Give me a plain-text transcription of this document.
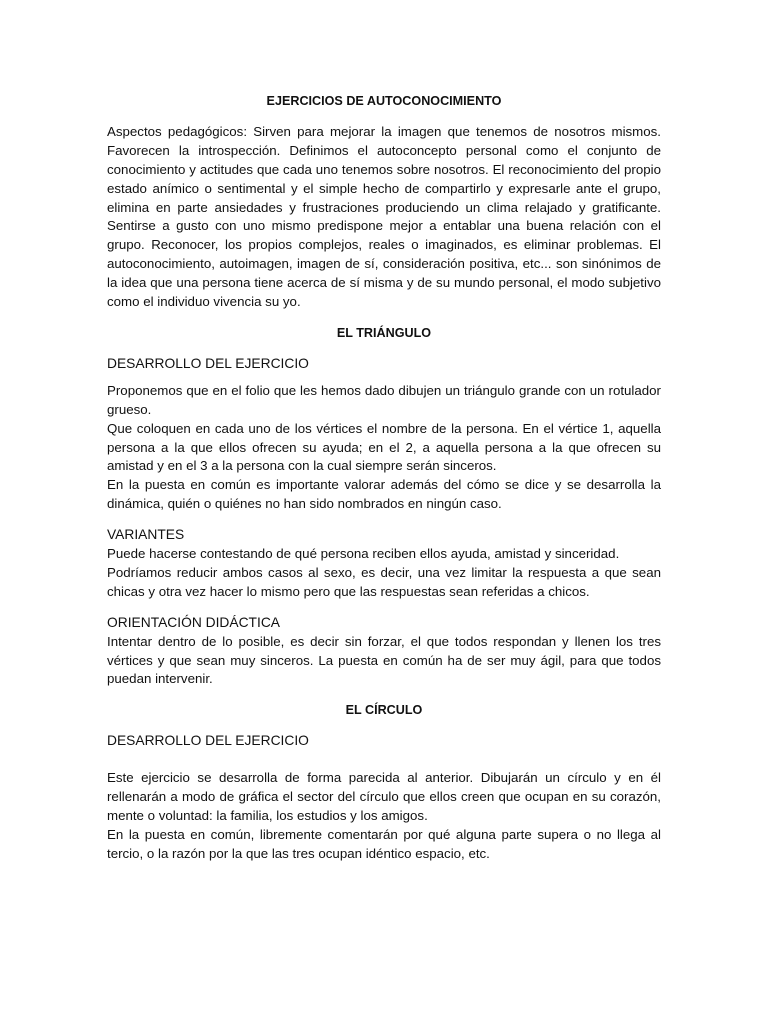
EJERCICIOS DE AUTOCONOCIMIENTO

Aspectos pedagógicos: Sirven para mejorar la imagen que tenemos de nosotros mismos. Favorecen la introspección. Definimos el autoconcepto personal como el conjunto de conocimiento y actitudes que cada uno tenemos sobre nosotros. El reconocimiento del propio estado anímico o sentimental y el simple hecho de compartirlo y expresarle ante el grupo, elimina en parte ansiedades y frustraciones produciendo un clima relajado y gratificante. Sentirse a gusto con uno mismo predispone mejor a entablar una buena relación con el grupo. Reconocer, los propios complejos, reales o imaginados, es eliminar problemas. El autoconocimiento, autoimagen, imagen de sí, consideración positiva, etc... son sinónimos de la idea que una persona tiene acerca de sí misma y de su mundo personal, el modo subjetivo como el individuo vivencia su yo.

EL TRIÁNGULO

DESARROLLO DEL EJERCICIO

Proponemos que en el folio que les hemos dado dibujen un triángulo grande con un rotulador grueso.

Que coloquen en cada uno de los vértices el nombre de la persona. En el vértice 1, aquella persona a la que ellos ofrecen su ayuda; en el 2, a aquella persona a la que ofrecen su amistad y en el 3 a la persona con la cual siempre serán sinceros.

En la puesta en común es importante valorar además del cómo se dice y se desarrolla la dinámica, quién o quiénes no han sido nombrados en ningún caso.

VARIANTES

Puede hacerse contestando de qué persona reciben ellos ayuda, amistad y sinceridad.

Podríamos reducir ambos casos al sexo, es decir, una vez limitar la respuesta a que sean chicas y otra vez hacer lo mismo pero que las respuestas sean referidas a chicos.

ORIENTACIÓN DIDÁCTICA

Intentar dentro de lo posible, es decir sin forzar, el que todos respondan y llenen los tres vértices y que sean muy sinceros. La puesta en común ha de ser muy ágil, para que todos puedan intervenir.

EL CÍRCULO

DESARROLLO DEL EJERCICIO

Este ejercicio se desarrolla de forma parecida al anterior. Dibujarán un círculo y en él rellenarán a modo de gráfica el sector del círculo que ellos creen que ocupan en su corazón, mente o voluntad: la familia, los estudios y los amigos.

En la puesta en común, libremente comentarán por qué alguna parte supera o no llega al tercio, o la razón por la que las tres ocupan idéntico espacio, etc.
